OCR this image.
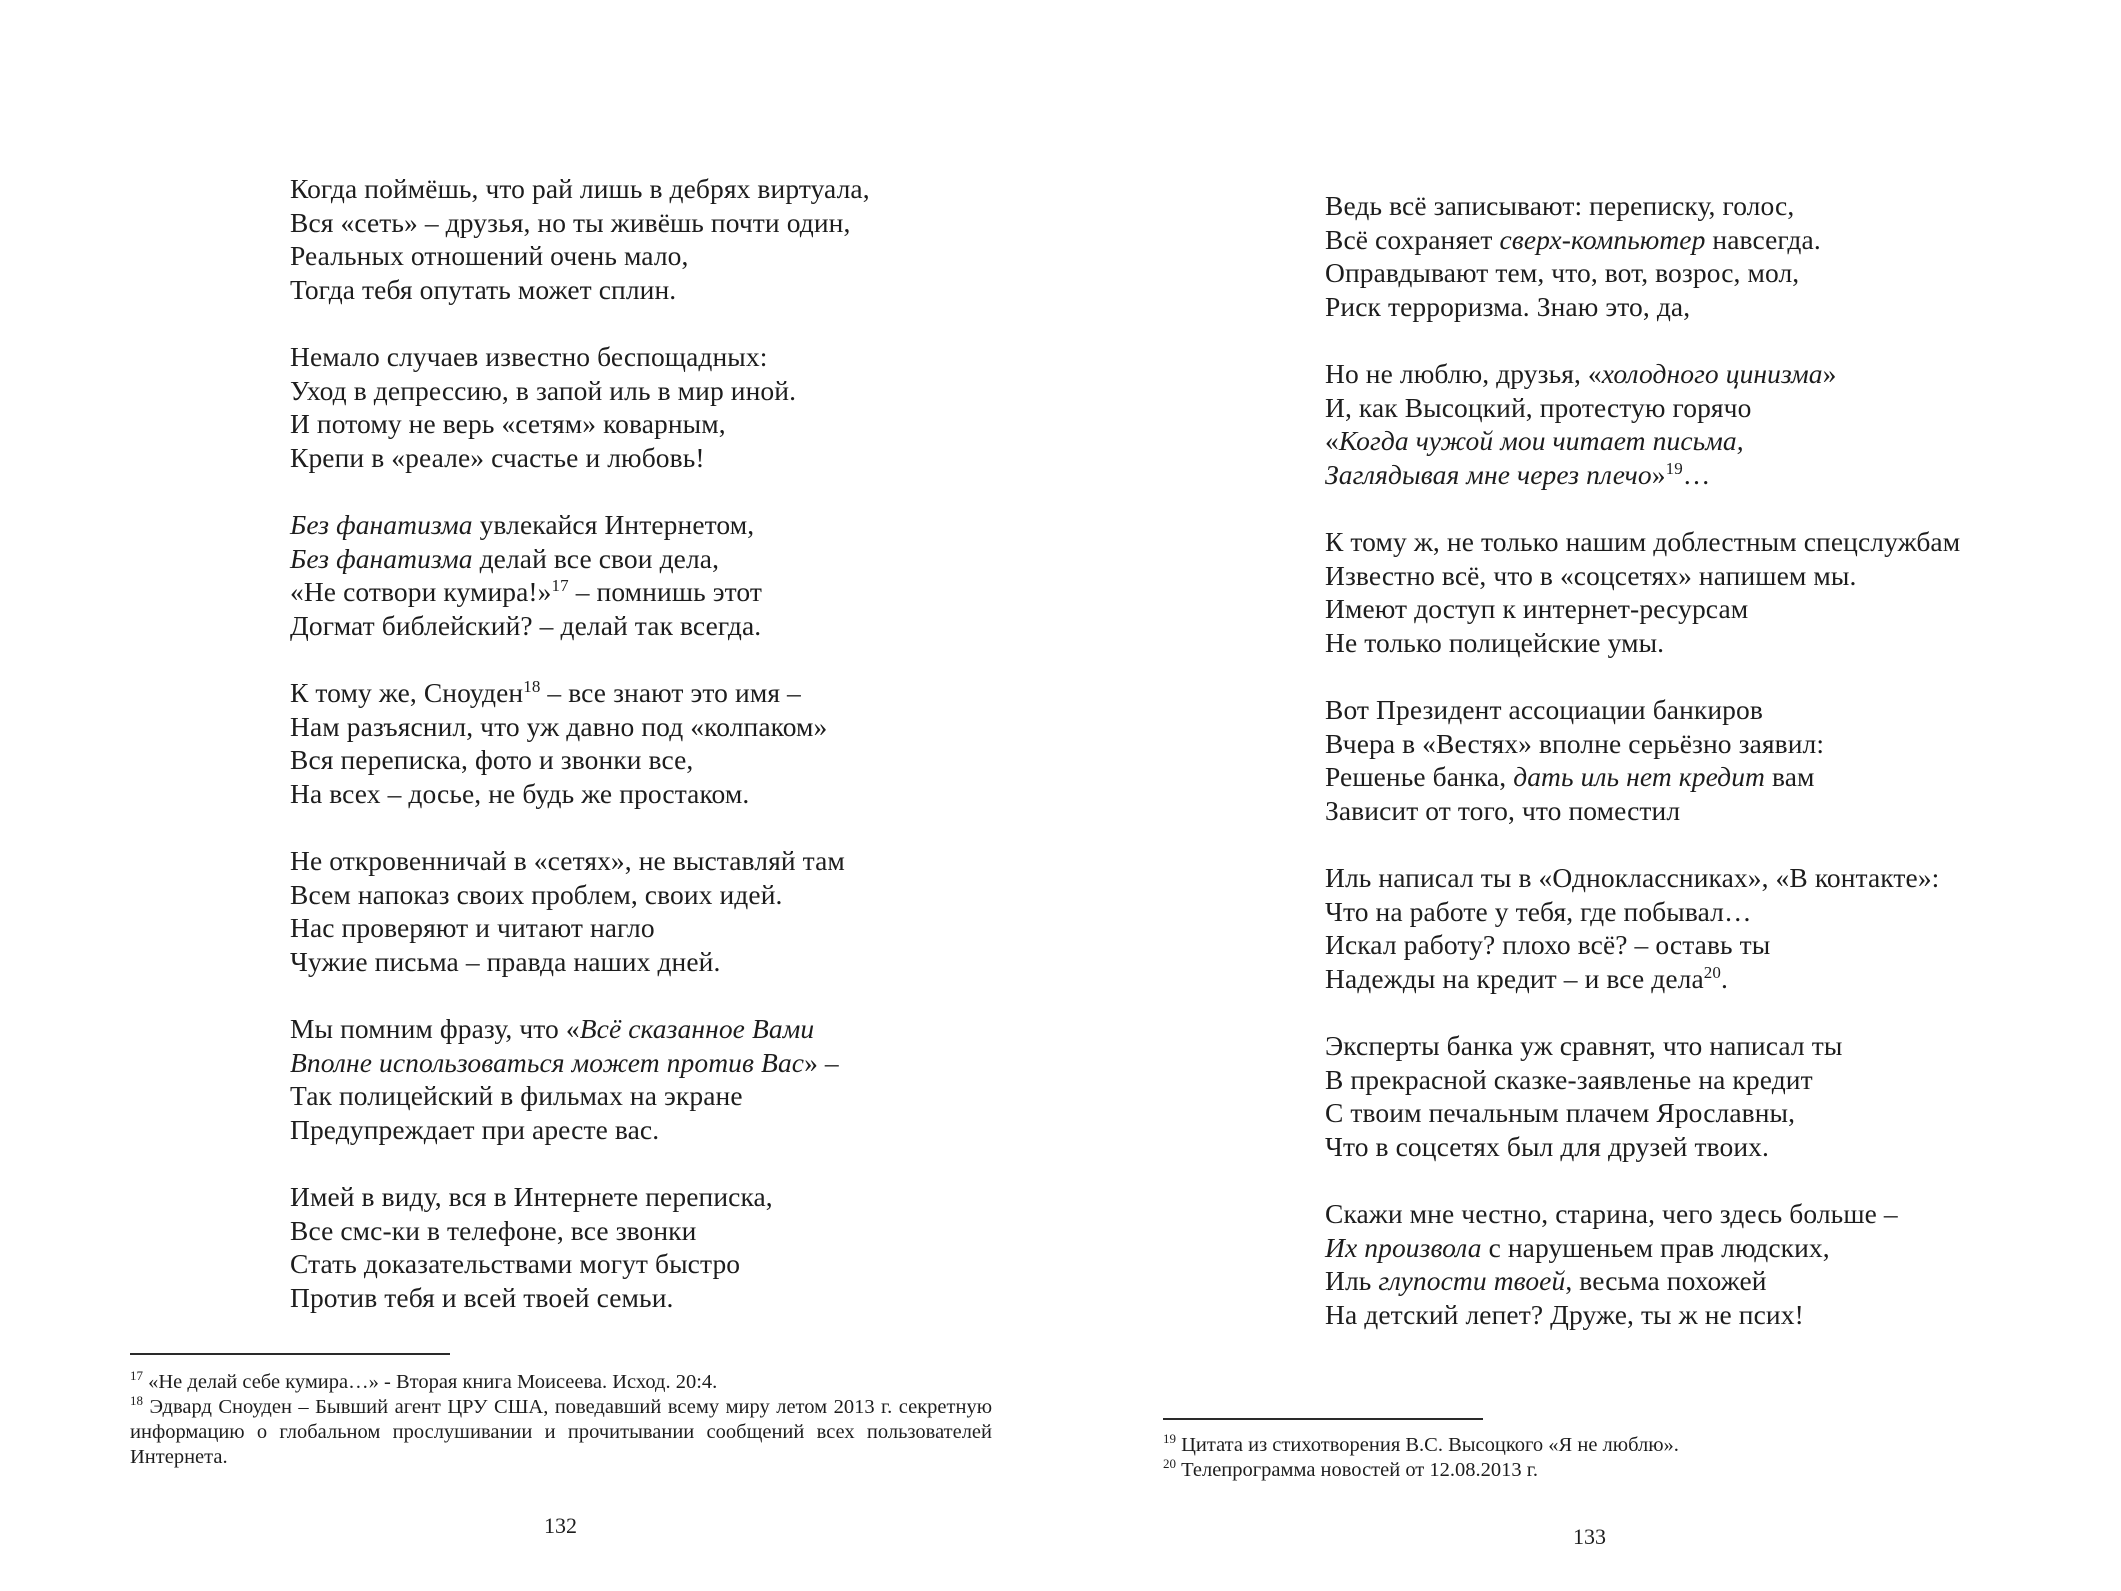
Когда поймёшь, что рай лишь в дебрях виртуала,
Вся «сеть» – друзья, но ты живёшь почти один,
Реальных отношений очень мало,
Тогда тебя опутать может сплин.
Немало случаев известно беспощадных:
Уход в депрессию, в запой иль в мир иной.
И потому не верь «сетям» коварным,
Крепи в «реале» счастье и любовь!
Без фанатизма увлекайся Интернетом,
Без фанатизма делай все свои дела,
«Не сотвори кумира!»$^{17}$ – помнишь этот
Догмат библейский? – делай так всегда.
К тому же, Сноуден$^{18}$ – все знают это имя –
Нам разъяснил, что уж давно под «колпаком»
Вся переписка, фото и звонки все,
На всех – досье, не будь же простаком.
Не откровенничай в «сетях», не выставляй там
Всем напоказ своих проблем, своих идей.
Нас проверяют и читают нагло
Чужие письма – правда наших дней.
Мы помним фразу, что «Всё сказанное Вами
Вполне использоваться может против Вас» –
Так полицейский в фильмах на экране
Предупреждает при аресте вас.
Имей в виду, вся в Интернете переписка,
Все смс-ки в телефоне, все звонки
Стать доказательствами могут быстро
Против тебя и всей твоей семьи.

$^{17}$ «Не делай себе кумира…» - Вторая книга Моисеева. Исход. 20:4.

$^{18}$ Эдвард Сноуден – Бывший агент ЦРУ США, поведавший всему миру летом 2013 г. секретную информацию о глобальном прослушивании и прочитывании сообщений всех пользователей Интернета.

132
Ведь всё записывают: переписку, голос,
Всё сохраняет сверх-компьютер навсегда.
Оправдывают тем, что, вот, возрос, мол,
Риск терроризма. Знаю это, да,
Но не люблю, друзья, «холодного цинизма»
И, как Высоцкий, протестую горячо
«Когда чужой мои читает письма,
Заглядывая мне через плечо»$^{19}$…
К тому ж, не только нашим доблестным спецслужбам
Известно всё, что в «соцсетях» напишем мы.
Имеют доступ к интернет-ресурсам
Не только полицейские умы.
Вот Президент ассоциации банкиров
Вчера в «Вестях» вполне серьёзно заявил:
Решенье банка, дать иль нет кредит вам
Зависит от того, что поместил
Иль написал ты в «Одноклассниках», «В контакте»:
Что на работе у тебя, где побывал…
Искал работу? плохо всё? – оставь ты
Надежды на кредит – и все дела$^{20}$.
Эксперты банка уж сравнят, что написал ты
В прекрасной сказке-заявленье на кредит
С твоим печальным плачем Ярославны,
Что в соцсетях был для друзей твоих.
Скажи мне честно, старина, чего здесь больше –
Их произвола с нарушеньем прав людских,
Иль глупости твоей, весьма похожей
На детский лепет? Друже, ты ж не псих!

$^{19}$ Цитата из стихотворения В.С. Высоцкого «Я не люблю».

$^{20}$ Телепрограмма новостей от 12.08.2013 г.

133
